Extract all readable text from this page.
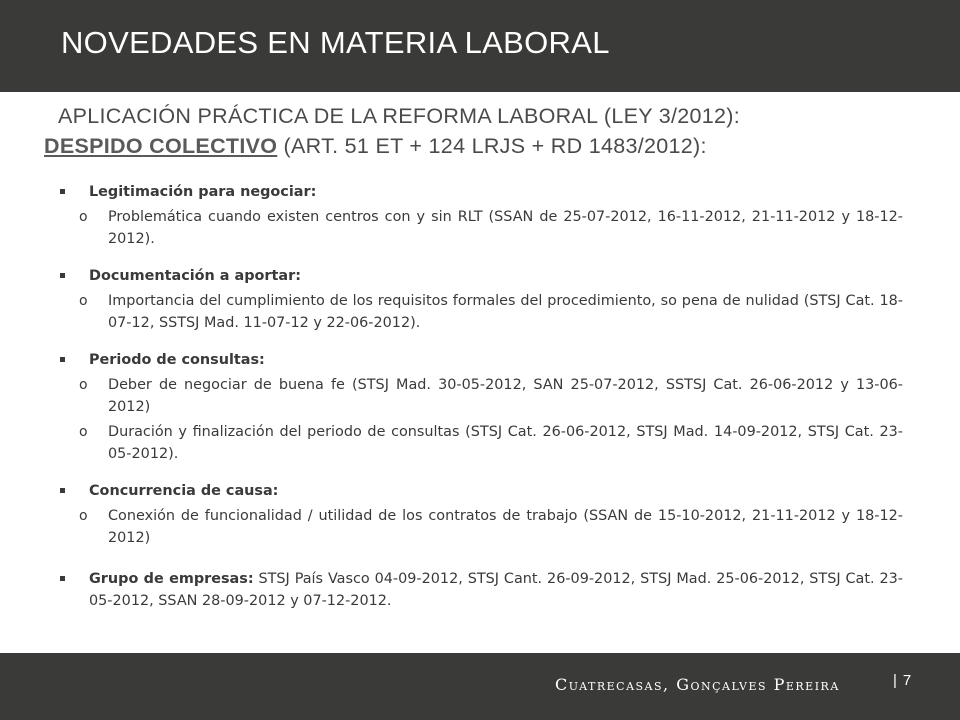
NOVEDADES EN MATERIA LABORAL
APLICACIÓN PRÁCTICA DE LA REFORMA LABORAL (LEY 3/2012):
DESPIDO COLECTIVO (ART. 51 ET + 124 LRJS + RD 1483/2012):
Legitimación para negociar:
o Problemática cuando existen centros con y sin RLT (SSAN de 25-07-2012, 16-11-2012, 21-11-2012 y 18-12-2012).
Documentación a aportar:
o Importancia del cumplimiento de los requisitos formales del procedimiento, so pena de nulidad (STSJ Cat. 18-07-12, SSTSJ Mad. 11-07-12 y 22-06-2012).
Periodo de consultas:
o Deber de negociar de buena fe (STSJ Mad. 30-05-2012, SAN 25-07-2012, SSTSJ Cat. 26-06-2012 y 13-06-2012)
o Duración y finalización del periodo de consultas (STSJ Cat. 26-06-2012, STSJ Mad. 14-09-2012, STSJ Cat. 23-05-2012).
Concurrencia de causa:
o Conexión de funcionalidad / utilidad de los contratos de trabajo (SSAN de 15-10-2012, 21-11-2012 y 18-12-2012)
Grupo de empresas: STSJ País Vasco 04-09-2012, STSJ Cant. 26-09-2012, STSJ Mad. 25-06-2012, STSJ Cat. 23-05-2012, SSAN 28-09-2012 y 07-12-2012.
Cuatrecasas, Gonçalves Pereira	| 7
